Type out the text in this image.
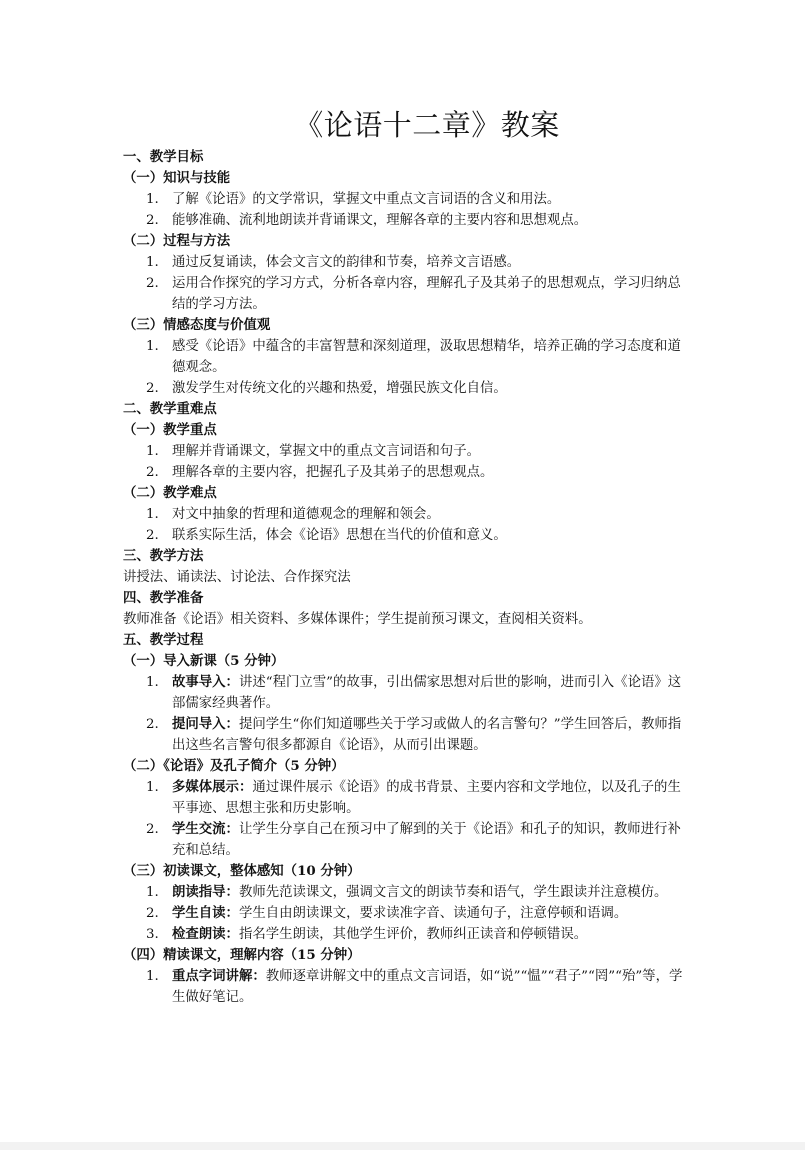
《论语十二章》教案
一、教学目标
（一）知识与技能
1. 了解《论语》的文学常识，掌握文中重点文言词语的含义和用法。
2. 能够准确、流利地朗读并背诵课文，理解各章的主要内容和思想观点。
（二）过程与方法
1. 通过反复诵读，体会文言文的韵律和节奏，培养文言语感。
2. 运用合作探究的学习方式，分析各章内容，理解孔子及其弟子的思想观点，学习归纳总结的学习方法。
（三）情感态度与价值观
1. 感受《论语》中蕴含的丰富智慧和深刻道理，汲取思想精华，培养正确的学习态度和道德观念。
2. 激发学生对传统文化的兴趣和热爱，增强民族文化自信。
二、教学重难点
（一）教学重点
1. 理解并背诵课文，掌握文中的重点文言词语和句子。
2. 理解各章的主要内容，把握孔子及其弟子的思想观点。
（二）教学难点
1. 对文中抽象的哲理和道德观念的理解和领会。
2. 联系实际生活，体会《论语》思想在当代的价值和意义。
三、教学方法
讲授法、诵读法、讨论法、合作探究法
四、教学准备
教师准备《论语》相关资料、多媒体课件；学生提前预习课文，查阅相关资料。
五、教学过程
（一）导入新课（5 分钟）
1. 故事导入：讲述“程门立雪”的故事，引出儒家思想对后世的影响，进而引入《论语》这部儒家经典著作。
2. 提问导入：提问学生“你们知道哪些关于学习或做人的名言警句？”学生回答后，教师指出这些名言警句很多都源自《论语》，从而引出课题。
（二）《论语》及孔子简介（5 分钟）
1. 多媒体展示：通过课件展示《论语》的成书背景、主要内容和文学地位，以及孔子的生平事迹、思想主张和历史影响。
2. 学生交流：让学生分享自己在预习中了解到的关于《论语》和孔子的知识，教师进行补充和总结。
（三）初读课文，整体感知（10 分钟）
1. 朗读指导：教师先范读课文，强调文言文的朗读节奏和语气，学生跟读并注意模仿。
2. 学生自读：学生自由朗读课文，要求读准字音、读通句子，注意停顿和语调。
3. 检查朗读：指名学生朗读，其他学生评价，教师纠正读音和停顿错误。
（四）精读课文，理解内容（15 分钟）
1. 重点字词讲解：教师逐章讲解文中的重点文言词语，如“说”“愠”“君子”“罔”“殆”等，学生做好笔记。
